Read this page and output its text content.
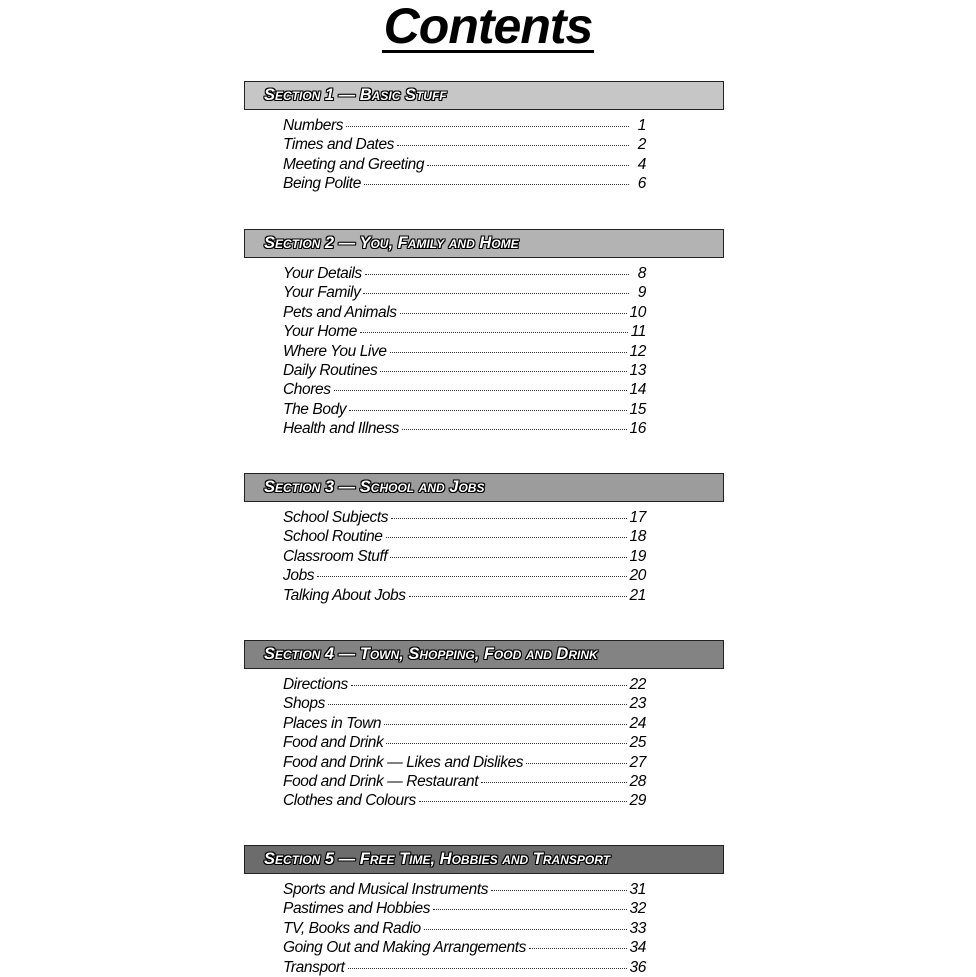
Contents
Section 1 — Basic Stuff
Numbers	1
Times and Dates	2
Meeting and Greeting	4
Being Polite	6
Section 2 — You, Family and Home
Your Details	8
Your Family	9
Pets and Animals	10
Your Home	11
Where You Live	12
Daily Routines	13
Chores	14
The Body	15
Health and Illness	16
Section 3 — School and Jobs
School Subjects	17
School Routine	18
Classroom Stuff	19
Jobs	20
Talking About Jobs	21
Section 4 — Town, Shopping, Food and Drink
Directions	22
Shops	23
Places in Town	24
Food and Drink	25
Food and Drink — Likes and Dislikes	27
Food and Drink — Restaurant	28
Clothes and Colours	29
Section 5 — Free Time, Hobbies and Transport
Sports and Musical Instruments	31
Pastimes and Hobbies	32
TV, Books and Radio	33
Going Out and Making Arrangements	34
Transport	36
